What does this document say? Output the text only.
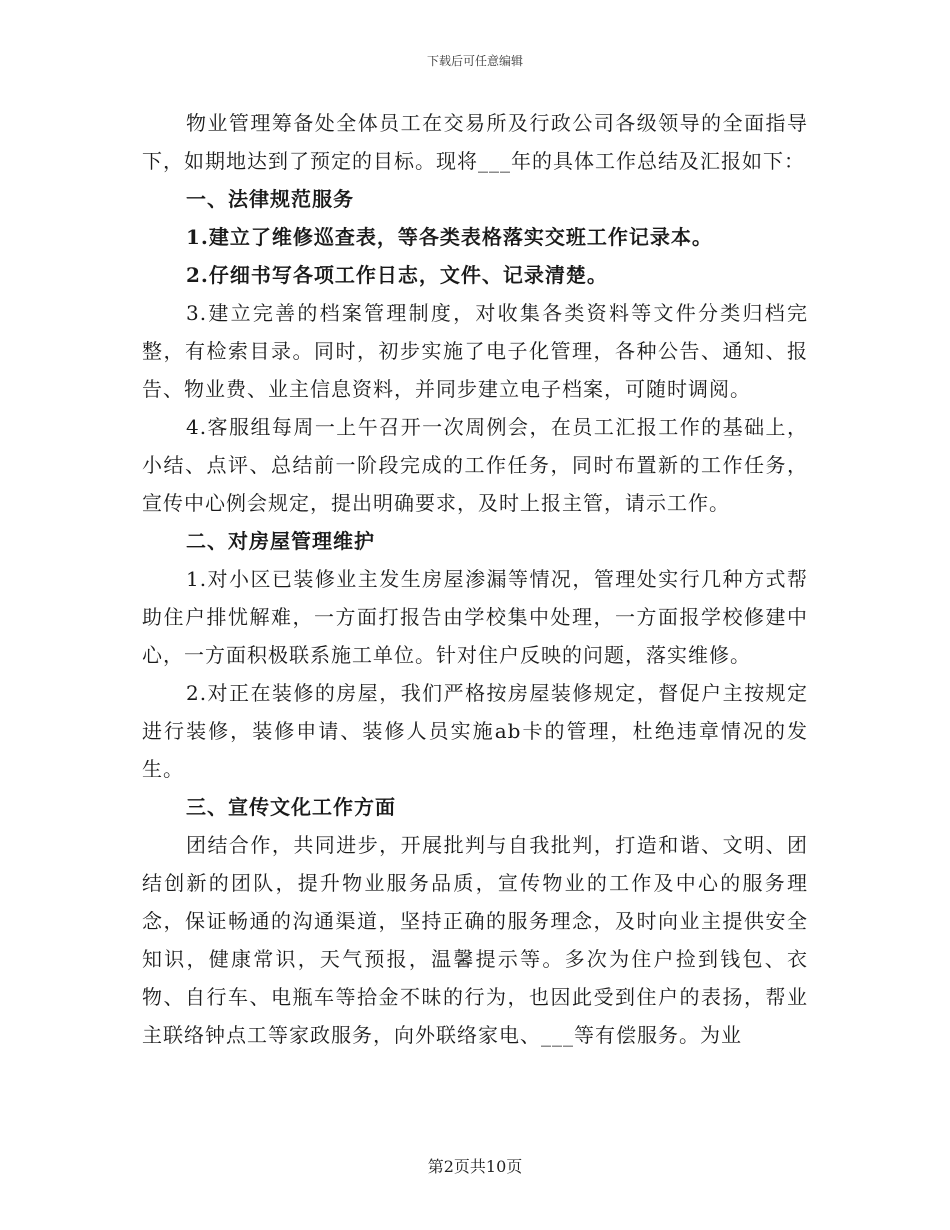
下载后可任意编辑

物业管理筹备处全体员工在交易所及行政公司各级领导的全面指导下，如期地达到了预定的目标。现将___年的具体工作总结及汇报如下：

一、法律规范服务

1.建立了维修巡查表，等各类表格落实交班工作记录本。

2.仔细书写各项工作日志，文件、记录清楚。

3.建立完善的档案管理制度，对收集各类资料等文件分类归档完整，有检索目录。同时，初步实施了电子化管理，各种公告、通知、报告、物业费、业主信息资料，并同步建立电子档案，可随时调阅。

4.客服组每周一上午召开一次周例会，在员工汇报工作的基础上，小结、点评、总结前一阶段完成的工作任务，同时布置新的工作任务，宣传中心例会规定，提出明确要求，及时上报主管，请示工作。

二、对房屋管理维护

1.对小区已装修业主发生房屋渗漏等情况，管理处实行几种方式帮助住户排忧解难，一方面打报告由学校集中处理，一方面报学校修建中心，一方面积极联系施工单位。针对住户反映的问题，落实维修。

2.对正在装修的房屋，我们严格按房屋装修规定，督促户主按规定进行装修，装修申请、装修人员实施ab卡的管理，杜绝违章情况的发生。

三、宣传文化工作方面

团结合作，共同进步，开展批判与自我批判，打造和谐、文明、团结创新的团队，提升物业服务品质，宣传物业的工作及中心的服务理念，保证畅通的沟通渠道，坚持正确的服务理念，及时向业主提供安全知识，健康常识，天气预报，温馨提示等。多次为住户捡到钱包、衣物、自行车、电瓶车等拾金不昧的行为，也因此受到住户的表扬，帮业主联络钟点工等家政服务，向外联络家电、___等有偿服务。为业

第2页共10页
